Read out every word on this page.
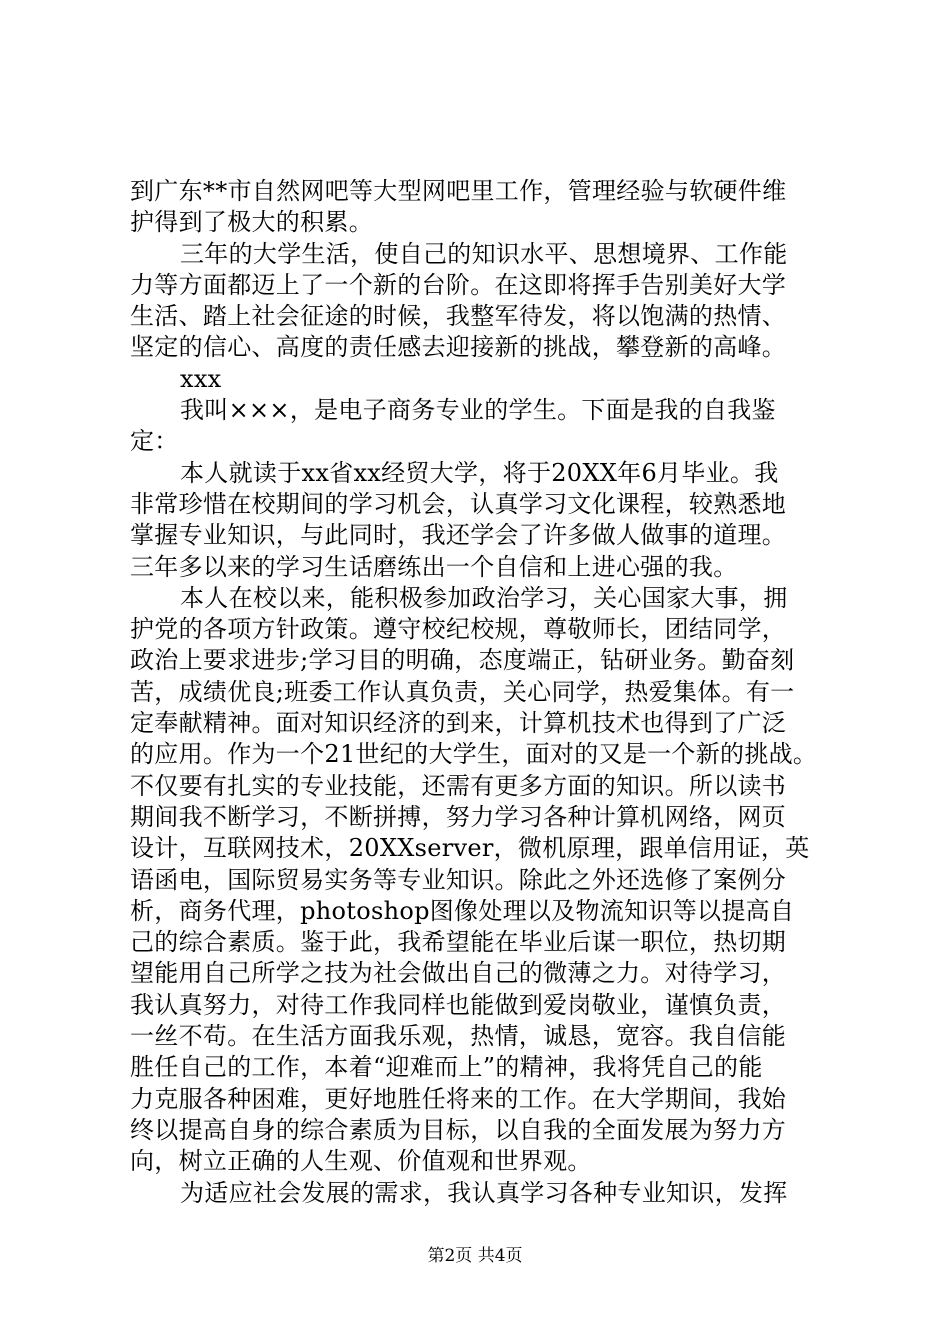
到广东**市自然网吧等大型网吧里工作，管理经验与软硬件维
护得到了极大的积累。
三年的大学生活，使自己的知识水平、思想境界、工作能
力等方面都迈上了一个新的台阶。在这即将挥手告别美好大学
生活、踏上社会征途的时候，我整军待发，将以饱满的热情、
坚定的信心、高度的责任感去迎接新的挑战，攀登新的高峰。
xxx
我叫×××，是电子商务专业的学生。下面是我的自我鉴
定：
本人就读于xx省xx经贸大学，将于20XX年6月毕业。我
非常珍惜在校期间的学习机会，认真学习文化课程，较熟悉地
掌握专业知识，与此同时，我还学会了许多做人做事的道理。
三年多以来的学习生话磨练出一个自信和上进心强的我。
本人在校以来，能积极参加政治学习，关心国家大事，拥
护党的各项方针政策。遵守校纪校规，尊敬师长，团结同学，
政治上要求进步;学习目的明确，态度端正，钻研业务。勤奋刻
苦，成绩优良;班委工作认真负责，关心同学，热爱集体。有一
定奉献精神。面对知识经济的到来，计算机技术也得到了广泛
的应用。作为一个21世纪的大学生，面对的又是一个新的挑战。
不仅要有扎实的专业技能，还需有更多方面的知识。所以读书
期间我不断学习，不断拼搏，努力学习各种计算机网络，网页
设计，互联网技术，20XXserver，微机原理，跟单信用证，英
语函电，国际贸易实务等专业知识。除此之外还选修了案例分
析，商务代理，photoshop图像处理以及物流知识等以提高自
己的综合素质。鉴于此，我希望能在毕业后谋一职位，热切期
望能用自己所学之技为社会做出自己的微薄之力。对待学习，
我认真努力，对待工作我同样也能做到爱岗敬业，谨慎负责，
一丝不苟。在生活方面我乐观，热情，诚恳，宽容。我自信能
胜任自己的工作，本着“迎难而上”的精神，我将凭自己的能
力克服各种困难，更好地胜任将来的工作。在大学期间，我始
终以提高自身的综合素质为目标，以自我的全面发展为努力方
向，树立正确的人生观、价值观和世界观。
为适应社会发展的需求，我认真学习各种专业知识，发挥
第2页 共4页
